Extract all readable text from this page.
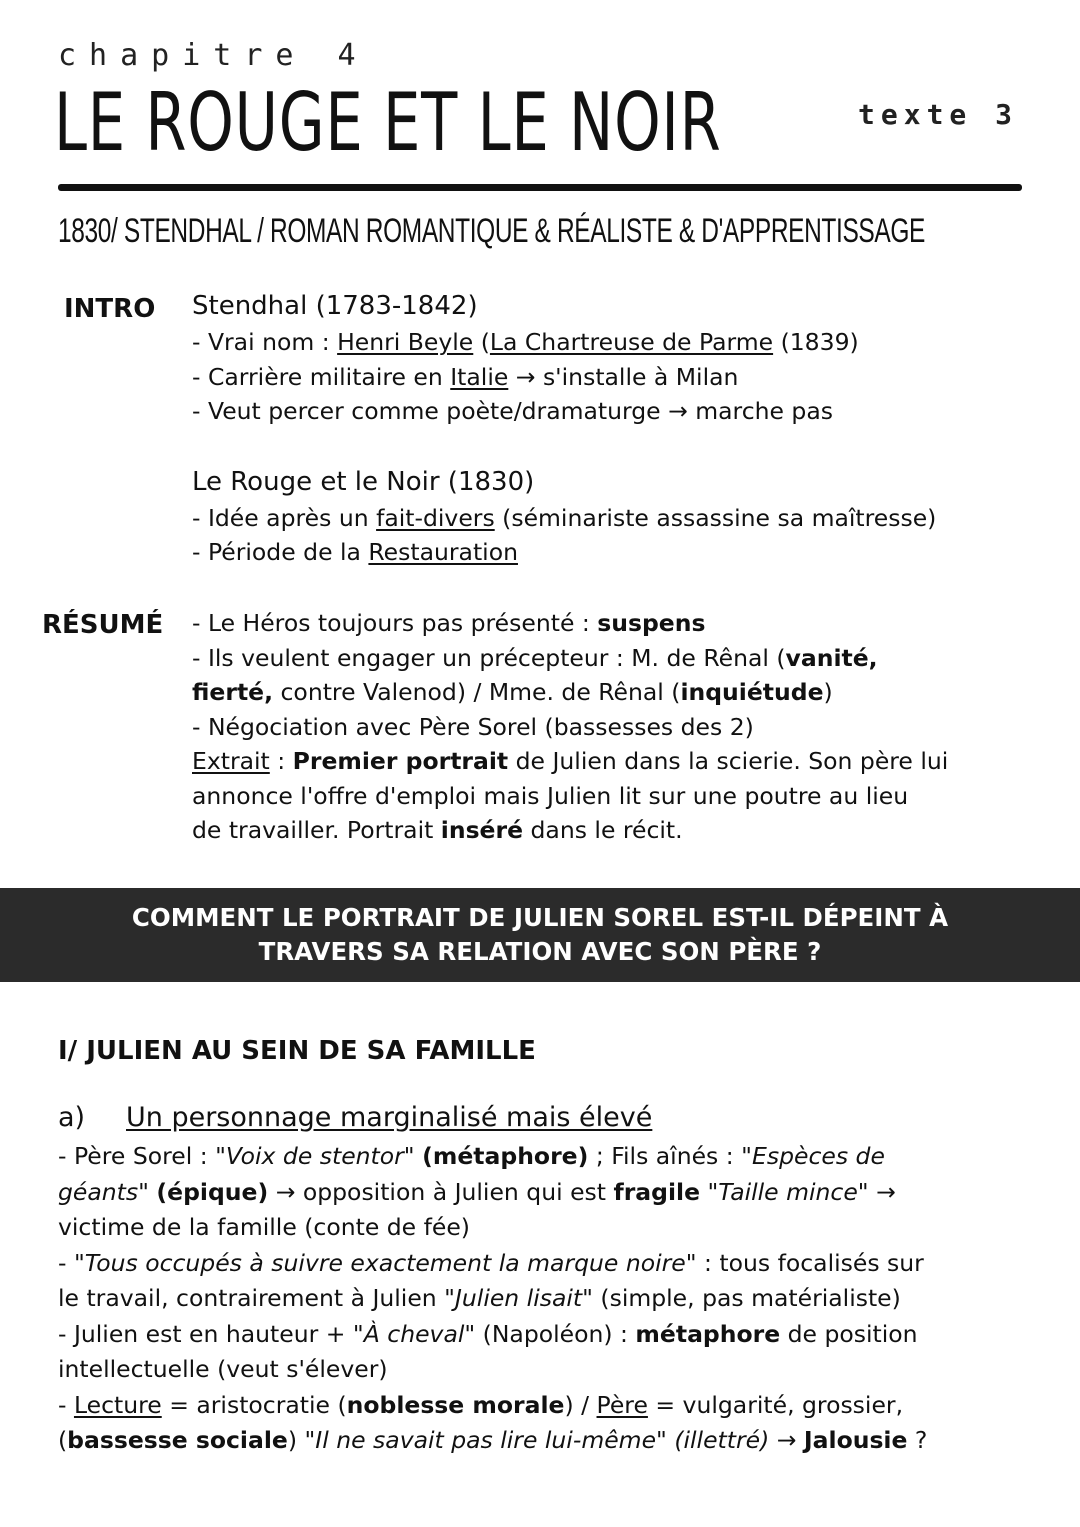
chapitre 4
LE ROUGE ET LE NOIR	texte 3
1830/ STENDHAL / ROMAN ROMANTIQUE & RÉALISTE & D'APPRENTISSAGE
INTRO Stendhal (1783-1842)
- Vrai nom : Henri Beyle (La Chartreuse de Parme (1839)
- Carrière militaire en Italie → s'installe à Milan
- Veut percer comme poète/dramaturge → marche pas
Le Rouge et le Noir (1830)
- Idée après un fait-divers (séminariste assassine sa maîtresse)
- Période de la Restauration
RÉSUMÉ - Le Héros toujours pas présenté : suspens
- Ils veulent engager un précepteur : M. de Rênal (vanité,
fierté, contre Valenod) / Mme. de Rênal (inquiétude)
- Négociation avec Père Sorel (bassesses des 2)
Extrait : Premier portrait de Julien dans la scierie. Son père lui
annonce l'offre d'emploi mais Julien lit sur une poutre au lieu
de travailler. Portrait inséré dans le récit.
COMMENT LE PORTRAIT DE JULIEN SOREL EST-IL DÉPEINT À
TRAVERS SA RELATION AVEC SON PÈRE ?
I/ JULIEN AU SEIN DE SA FAMILLE
a) Un personnage marginalisé mais élevé
- Père Sorel : "Voix de stentor" (métaphore) ; Fils aînés : "Espèces de
géants" (épique) → opposition à Julien qui est fragile "Taille mince" →
victime de la famille (conte de fée)
- "Tous occupés à suivre exactement la marque noire" : tous focalisés sur
le travail, contrairement à Julien "Julien lisait" (simple, pas matérialiste)
- Julien est en hauteur + "À cheval" (Napoléon) : métaphore de position
intellectuelle (veut s'élever)
- Lecture = aristocratie (noblesse morale) / Père = vulgarité, grossier,
(bassesse sociale) "Il ne savait pas lire lui-même" (illettré) → Jalousie ?
